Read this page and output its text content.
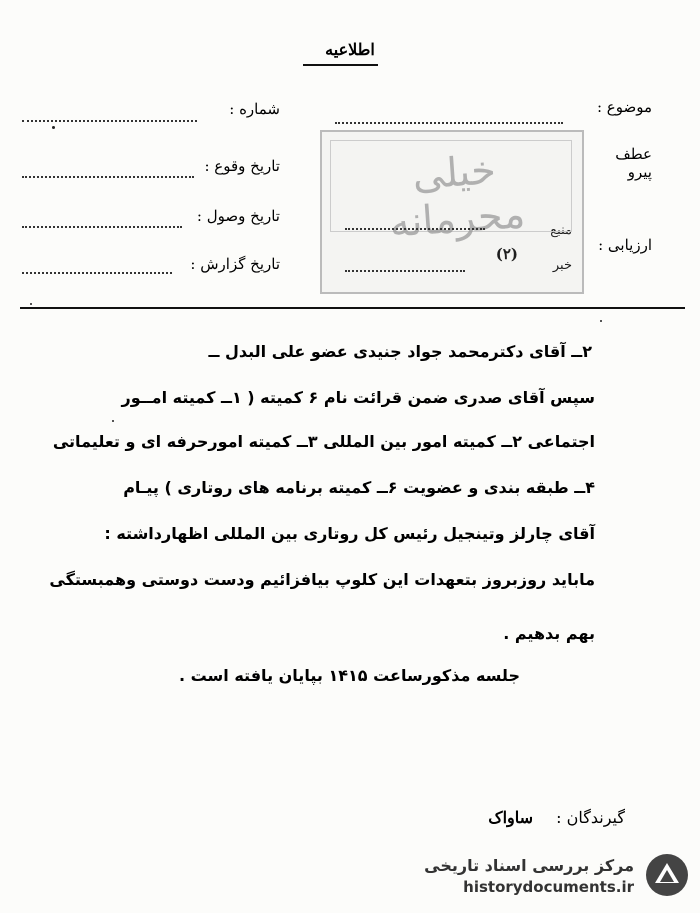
اطلاعیه
موضوع :
عطف
پیرو
ارزیابی :
منبع
خبر
(۲)
خیلی محرمانه
شماره :
تاریخ وقوع :
تاریخ وصول :
تاریخ گزارش :
۲ــ آقای دکترمحمد جواد جنیدی عضو علی البدل ــ
سپس آقای صدری ضمن قرائت نام ۶ کمیته ( ۱ــ کمیته امــور
اجتماعی ۲ــ کمیته امور بین المللی ۳ــ کمیته امورحرفه ای و تعلیماتی
۴ــ طبقه بندی و عضویت ۶ــ کمیته برنامه های روتاری ) پیـام
آقای چارلز وتینجیل رئیس کل روتاری بین المللی اظهارداشته :
ماباید روزبروز بتعهدات این کلوپ بیافزائیم ودست دوستی وهمبستگی
بهم بدهیم .
جلسه مذکورساعت ۱۴۱۵ بپایان یافته است .
گیرندگان : ساواک
مرکز بررسی اسناد تاریخی
historydocuments.ir
